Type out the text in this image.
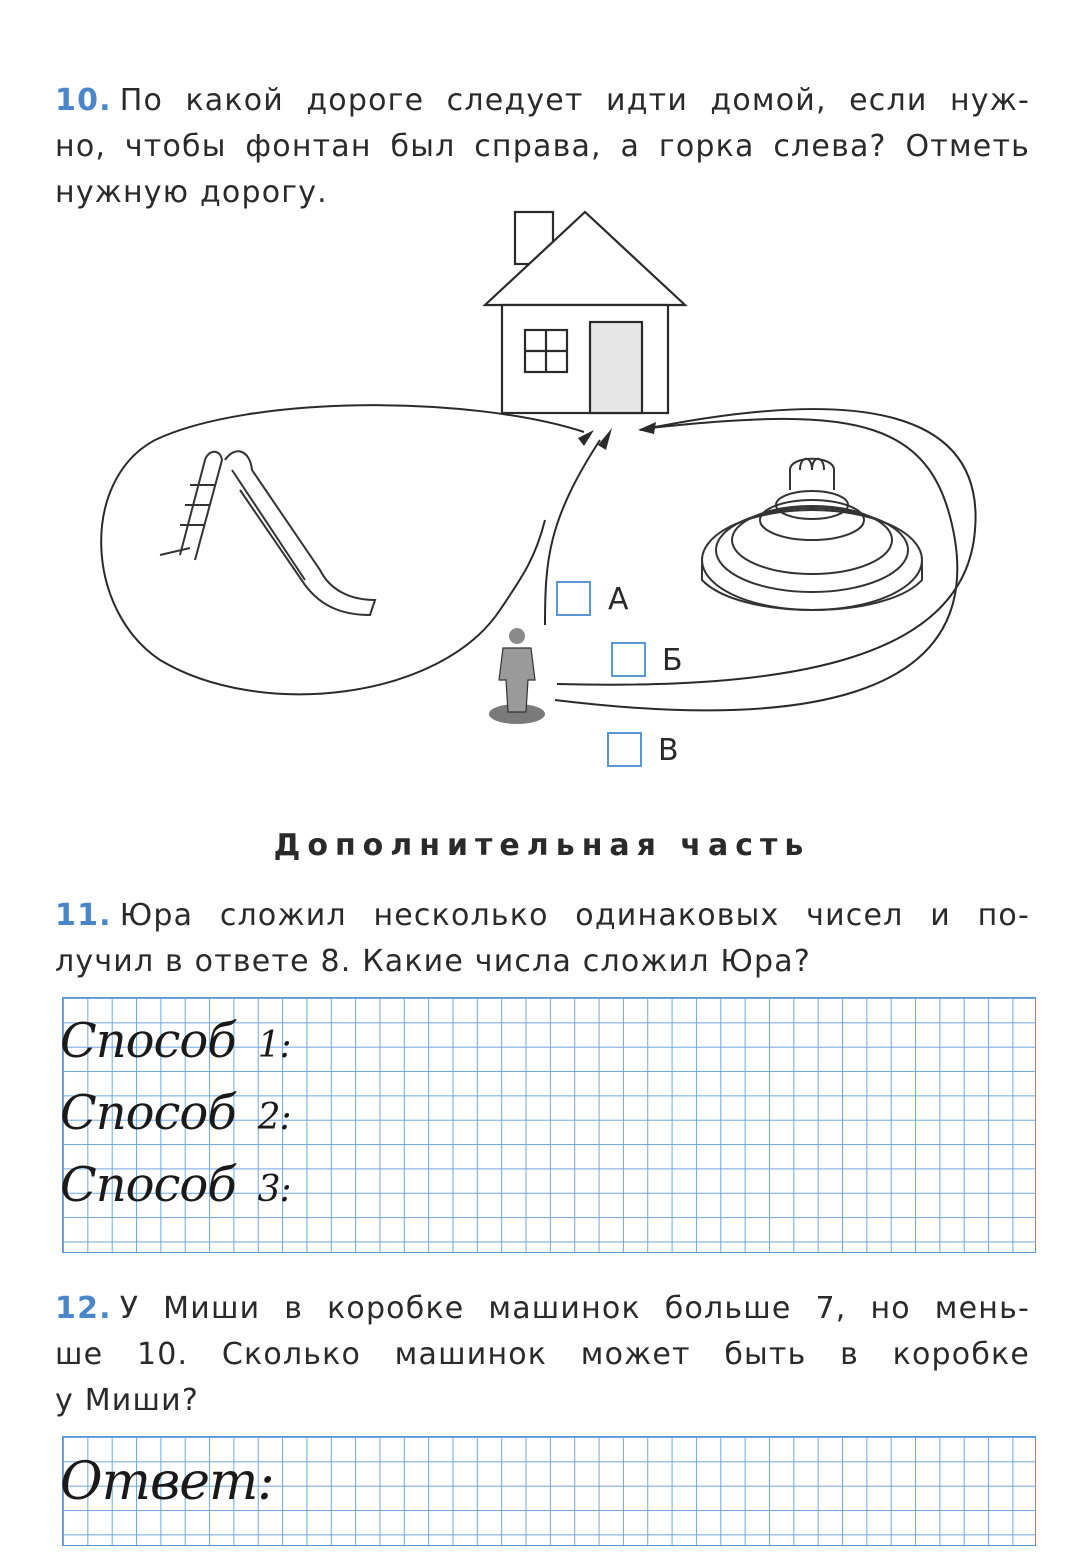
10. По какой дороге следует идти домой, если нуж-
но, чтобы фонтан был справа, а горка слева? Отметь
нужную дорогу.
А
Б
В
Дополнительная часть
11. Юра сложил несколько одинаковых чисел и по-
лучил в ответе 8. Какие числа сложил Юра?
Способ 1:
Способ 2:
Способ 3:
12. У Миши в коробке машинок больше 7, но мень-
ше 10. Сколько машинок может быть в коробке
у Миши?
Ответ:
